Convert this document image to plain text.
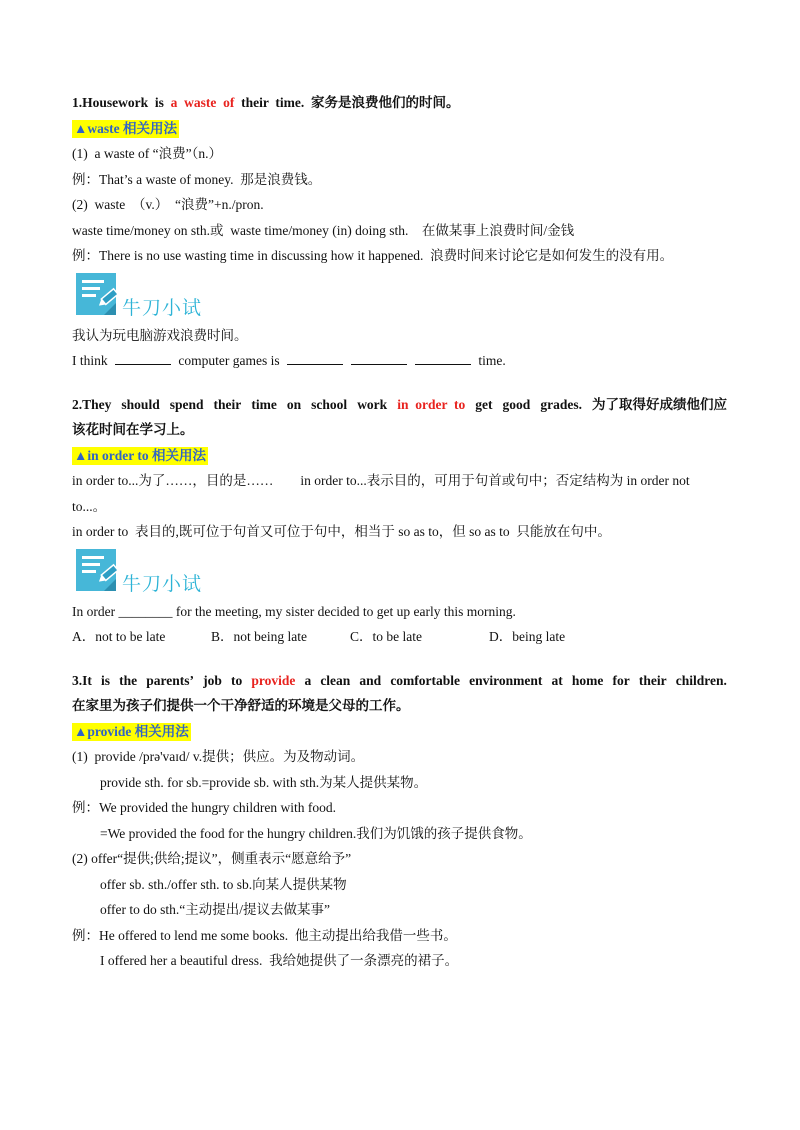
1.Housework  is  a  waste  of  their  time.  家务是浪费他们的时间。
▲waste 相关用法
(1)  a waste of “浪费”（n.）
例：That’s a waste of money.  那是浪费钱。
(2)  waste  （v.）  “浪费”+n./pron.
waste time/money on sth.或  waste time/money (in) doing sth.    在做某事上浪费时间/金钱
例：There is no use wasting time in discussing how it happened.  浪费时间来讨论它是如何发生的没有用。
牛刀小试
我认为玩电脑游戏浪费时间。
I think	computer games is	time.
2.They should spend their time on school work in  order  to get good grades. 为了取得好成绩他们应
该花时间在学习上。
▲in order to 相关用法
in order to...为了……，目的是……        in order to...表示目的，可用于句首或句中；否定结构为 in order not
to...。
in order to  表目的,既可位于句首又可位于句中，相当于 so as to，但 so as to  只能放在句中。
牛刀小试
In order ________ for the meeting, my sister decided to get up early this morning.
A．not to be late	B．not being late	C．to be late	D．being late
3.It is the parents’ job to provide a clean and comfortable environment at home for their children.
在家里为孩子们提供一个干净舒适的环境是父母的工作。
▲provide 相关用法
(1)  provide /prə'vaɪd/ v.提供；供应。为及物动词。
provide sth. for sb.=provide sb. with sth.为某人提供某物。
例：We provided the hungry children with food.
=We provided the food for the hungry children.我们为饥饿的孩子提供食物。
(2) offer“提供;供给;提议”，侧重表示“愿意给予”
offer sb. sth./offer sth. to sb.向某人提供某物
offer to do sth.“主动提出/提议去做某事”
例：He offered to lend me some books.  他主动提出给我借一些书。
I offered her a beautiful dress.  我给她提供了一条漂亮的裙子。
